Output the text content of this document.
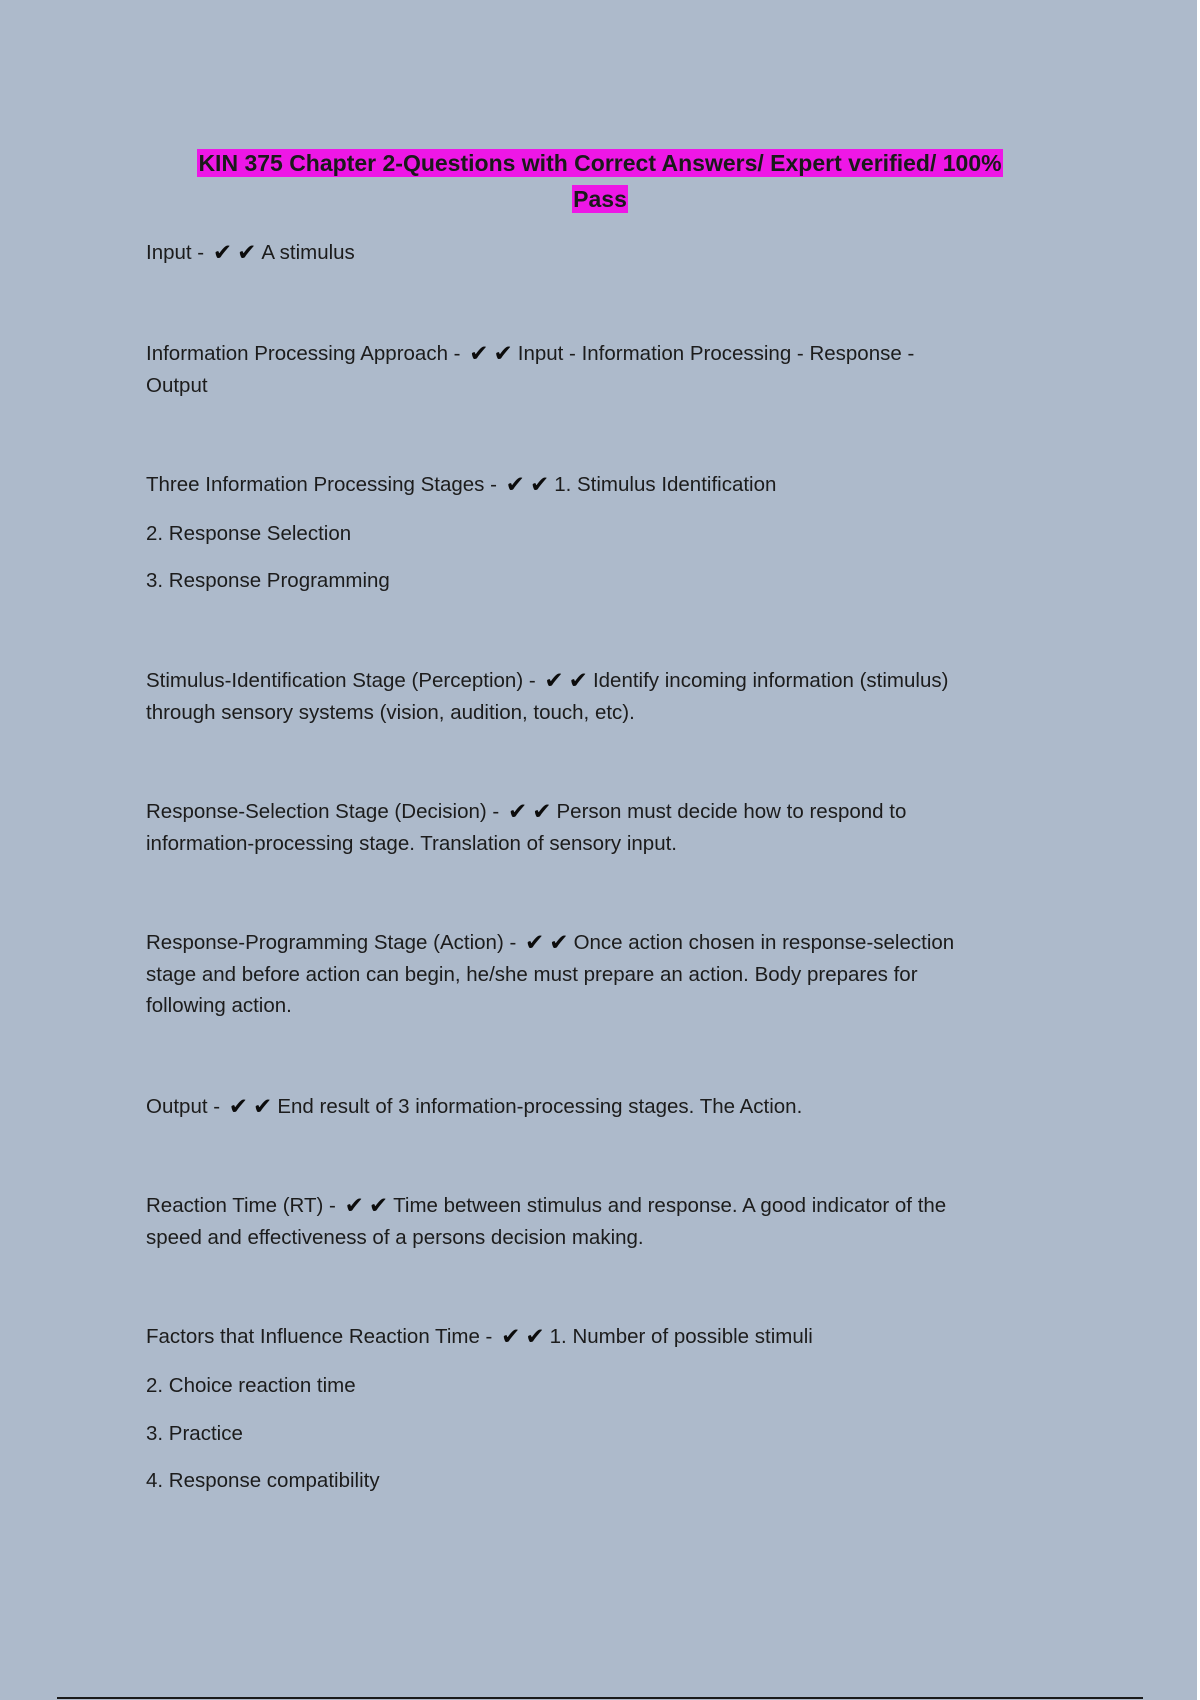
KIN 375 Chapter 2-Questions with Correct Answers/ Expert verified/ 100%
Pass
Input - ✔ ✔ A stimulus
Information Processing Approach - ✔ ✔ Input - Information Processing - Response -
Output
Three Information Processing Stages - ✔ ✔ 1. Stimulus Identification
2. Response Selection
3. Response Programming
Stimulus-Identification Stage (Perception) - ✔ ✔ Identify incoming information (stimulus)
through sensory systems (vision, audition, touch, etc).
Response-Selection Stage (Decision) - ✔ ✔ Person must decide how to respond to
information-processing stage. Translation of sensory input.
Response-Programming Stage (Action) - ✔ ✔ Once action chosen in response-selection
stage and before action can begin, he/she must prepare an action. Body prepares for
following action.
Output - ✔ ✔ End result of 3 information-processing stages. The Action.
Reaction Time (RT) - ✔ ✔ Time between stimulus and response. A good indicator of the
speed and effectiveness of a persons decision making.
Factors that Influence Reaction Time - ✔ ✔ 1. Number of possible stimuli
2. Choice reaction time
3. Practice
4. Response compatibility
